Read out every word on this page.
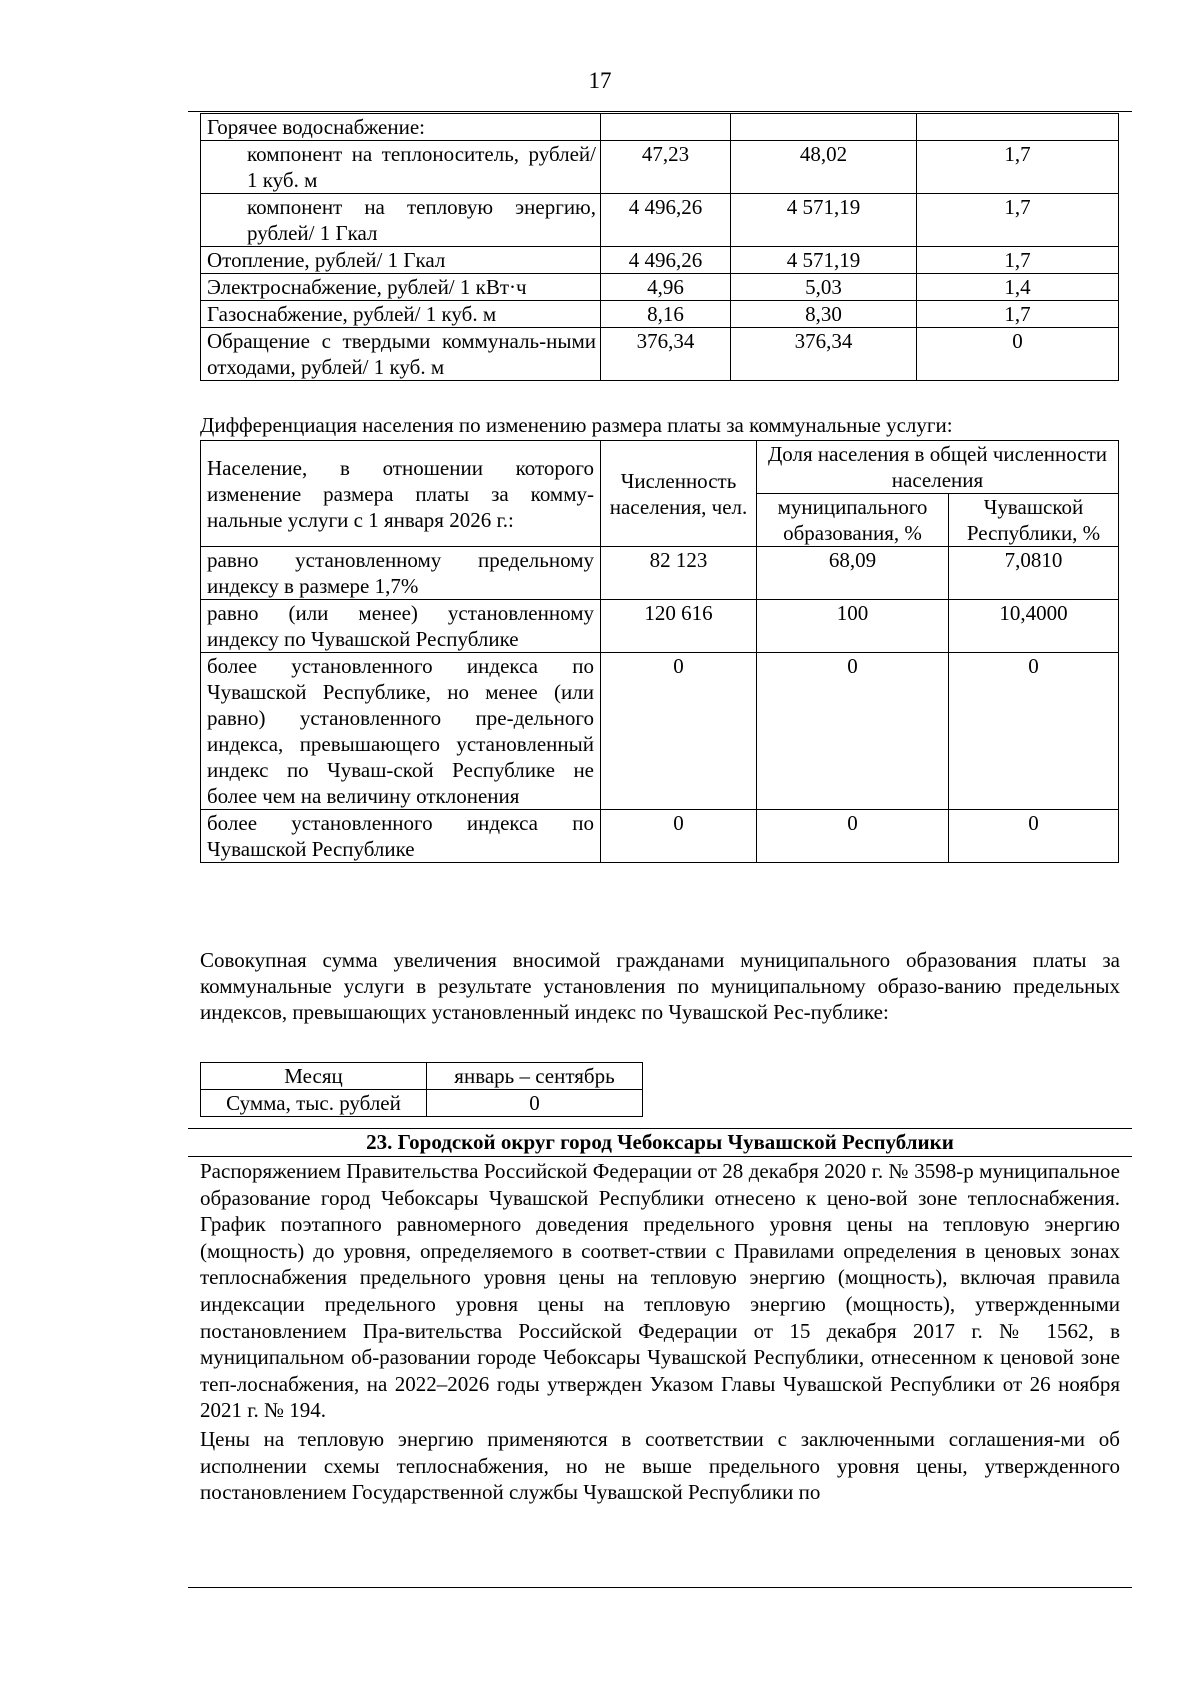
17
Горячее водоснабжение:			
компонент на теплоноситель, рублей/ 1 куб. м	47,23	48,02	1,7
компонент на тепловую энергию, рублей/ 1 Гкал	4 496,26	4 571,19	1,7
Отопление, рублей/ 1 Гкал	4 496,26	4 571,19	1,7
Электроснабжение, рублей/ 1 кВт·ч	4,96	5,03	1,4
Газоснабжение, рублей/ 1 куб. м	8,16	8,30	1,7
Обращение с твердыми коммуналь-ными отходами, рублей/ 1 куб. м	376,34	376,34	0
Дифференциация населения по изменению размера платы за коммунальные услуги:
Население, в отношении которого изменение размера платы за комму-нальные услуги с 1 января 2026 г.:	Численность населения, чел.	Доля населения в общей численности населения	
		муниципального образования, %	Чувашской Республики, %
равно установленному предельному индексу в размере 1,7%	82 123	68,09	7,0810
равно (или менее) установленному индексу по Чувашской Республике	120 616	100	10,4000
более установленного индекса по Чувашской Республике, но менее (или равно) установленного пре-дельного индекса, превышающего установленный индекс по Чуваш-ской Республике не более чем на величину отклонения	0	0	0
более установленного индекса по Чувашской Республике	0	0	0
Совокупная сумма увеличения вносимой гражданами муниципального образования платы за коммунальные услуги в результате установления по муниципальному образо-ванию предельных индексов, превышающих установленный индекс по Чувашской Рес-публике:
Месяц	январь – сентябрь
Сумма, тыс. рублей	0
23. Городской округ город Чебоксары Чувашской Республики

Распоряжением Правительства Российской Федерации от 28 декабря 2020 г. № 3598-р муниципальное образование город Чебоксары Чувашской Республики отнесено к цено-вой зоне теплоснабжения. График поэтапного равномерного доведения предельного уровня цены на тепловую энергию (мощность) до уровня, определяемого в соответ-ствии с Правилами определения в ценовых зонах теплоснабжения предельного уровня цены на тепловую энергию (мощность), включая правила индексации предельного уровня цены на тепловую энергию (мощность), утвержденными постановлением Пра-вительства Российской Федерации от 15 декабря 2017 г. № 1562, в муниципальном об-разовании городе Чебоксары Чувашской Республики, отнесенном к ценовой зоне теп-лоснабжения, на 2022–2026 годы утвержден Указом Главы Чувашской Республики от 26 ноября 2021 г. № 194.

Цены на тепловую энергию применяются в соответствии с заключенными соглашения-ми об исполнении схемы теплоснабжения, но не выше предельного уровня цены, утвержденного постановлением Государственной службы Чувашской Республики по
